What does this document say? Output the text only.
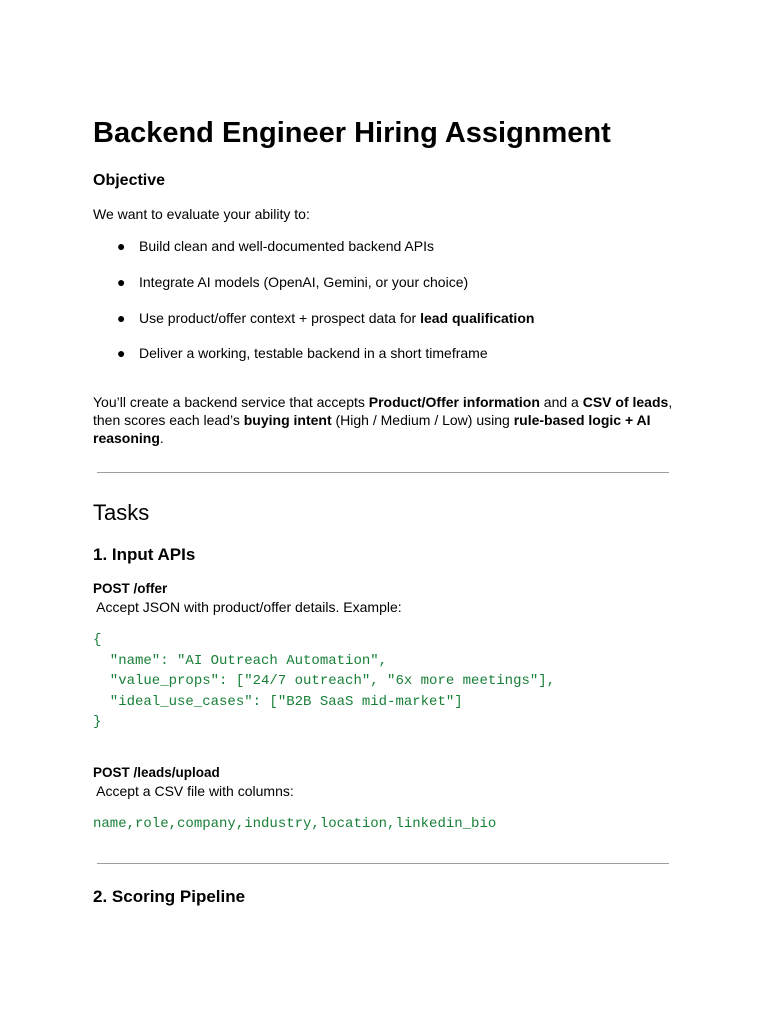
Backend Engineer Hiring Assignment
Objective
We want to evaluate your ability to:
● Build clean and well-documented backend APIs
● Integrate AI models (OpenAI, Gemini, or your choice)
● Use product/offer context + prospect data for lead qualification
● Deliver a working, testable backend in a short timeframe

You’ll create a backend service that accepts Product/Offer information and a CSV of leads, then scores each lead’s buying intent (High / Medium / Low) using rule-based logic + AI reasoning.

Tasks
1. Input APIs
POST /offer
Accept JSON with product/offer details. Example:
{
"name": "AI Outreach Automation",
"value_props": ["24/7 outreach", "6x more meetings"],
"ideal_use_cases": ["B2B SaaS mid-market"]
}
POST /leads/upload
Accept a CSV file with columns:
name,role,company,industry,location,linkedin_bio
2. Scoring Pipeline
